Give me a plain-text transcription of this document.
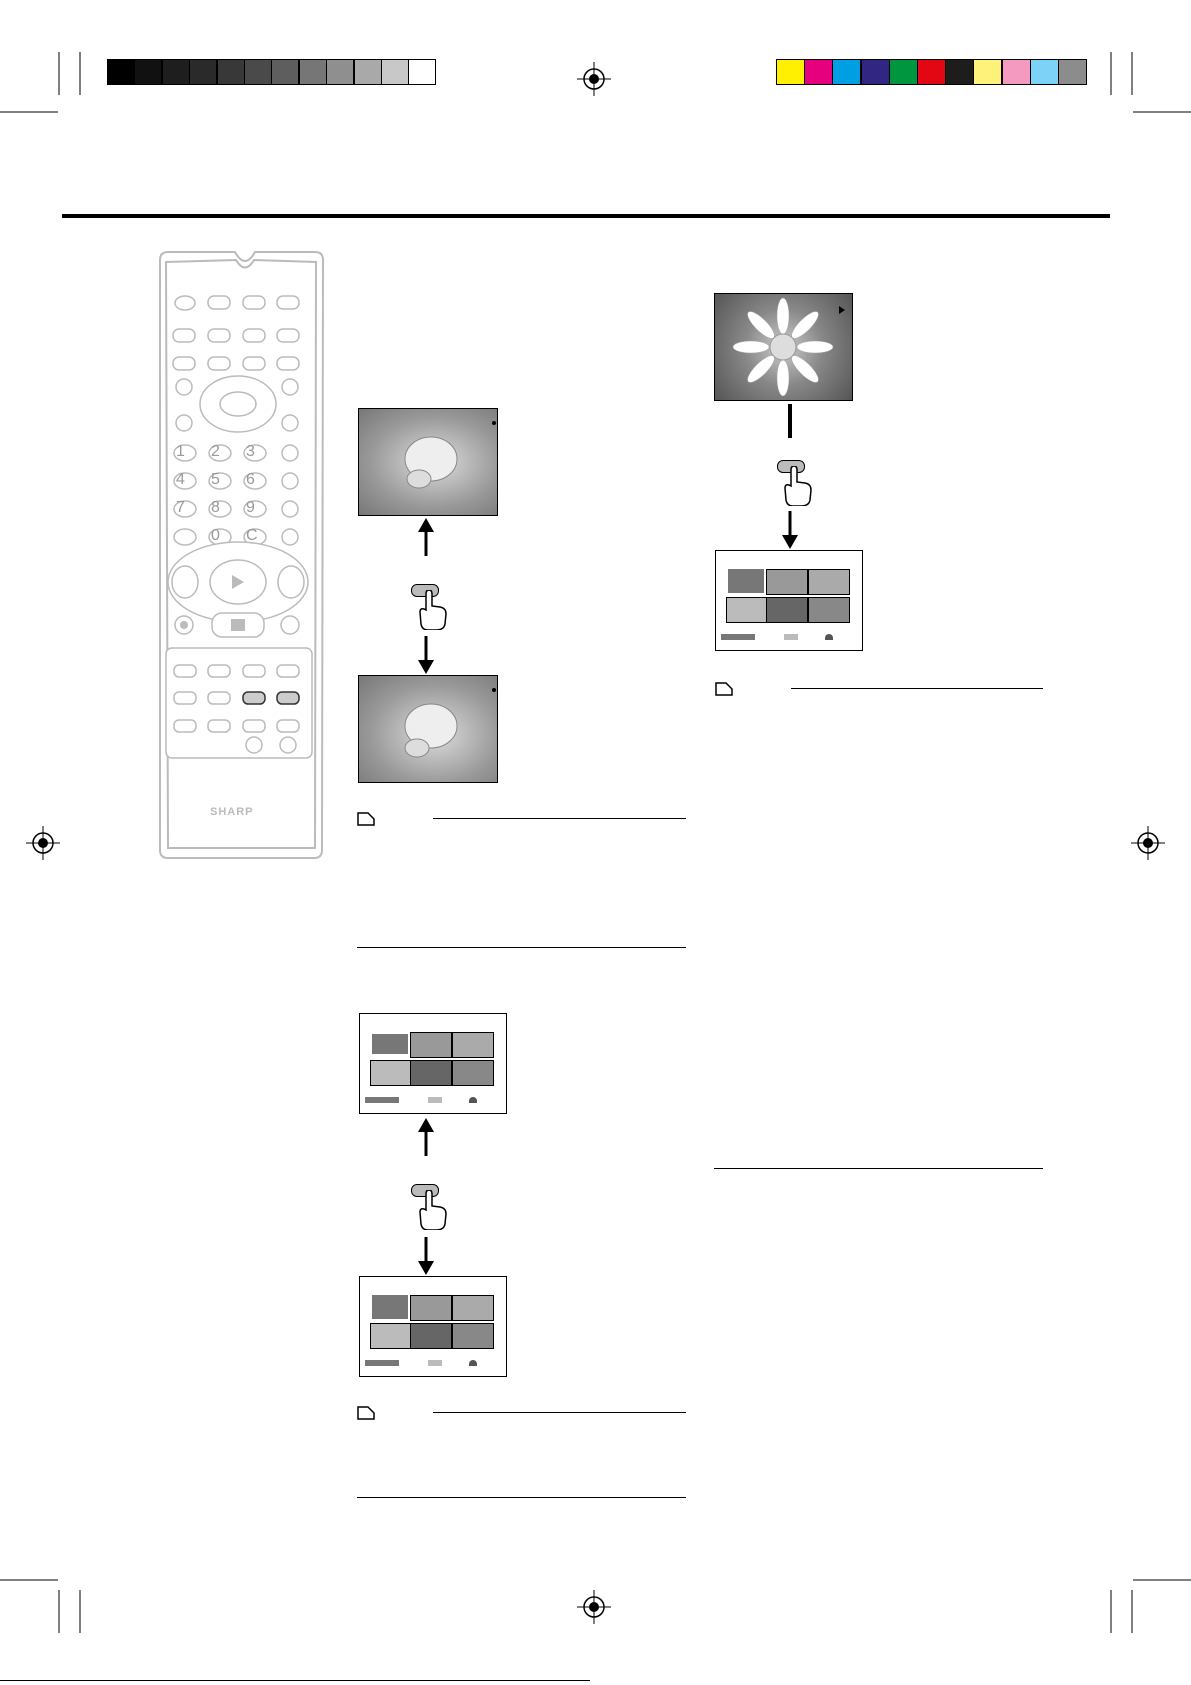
1 2 3
4 5 6
7 8 9
0 C
SHARP
